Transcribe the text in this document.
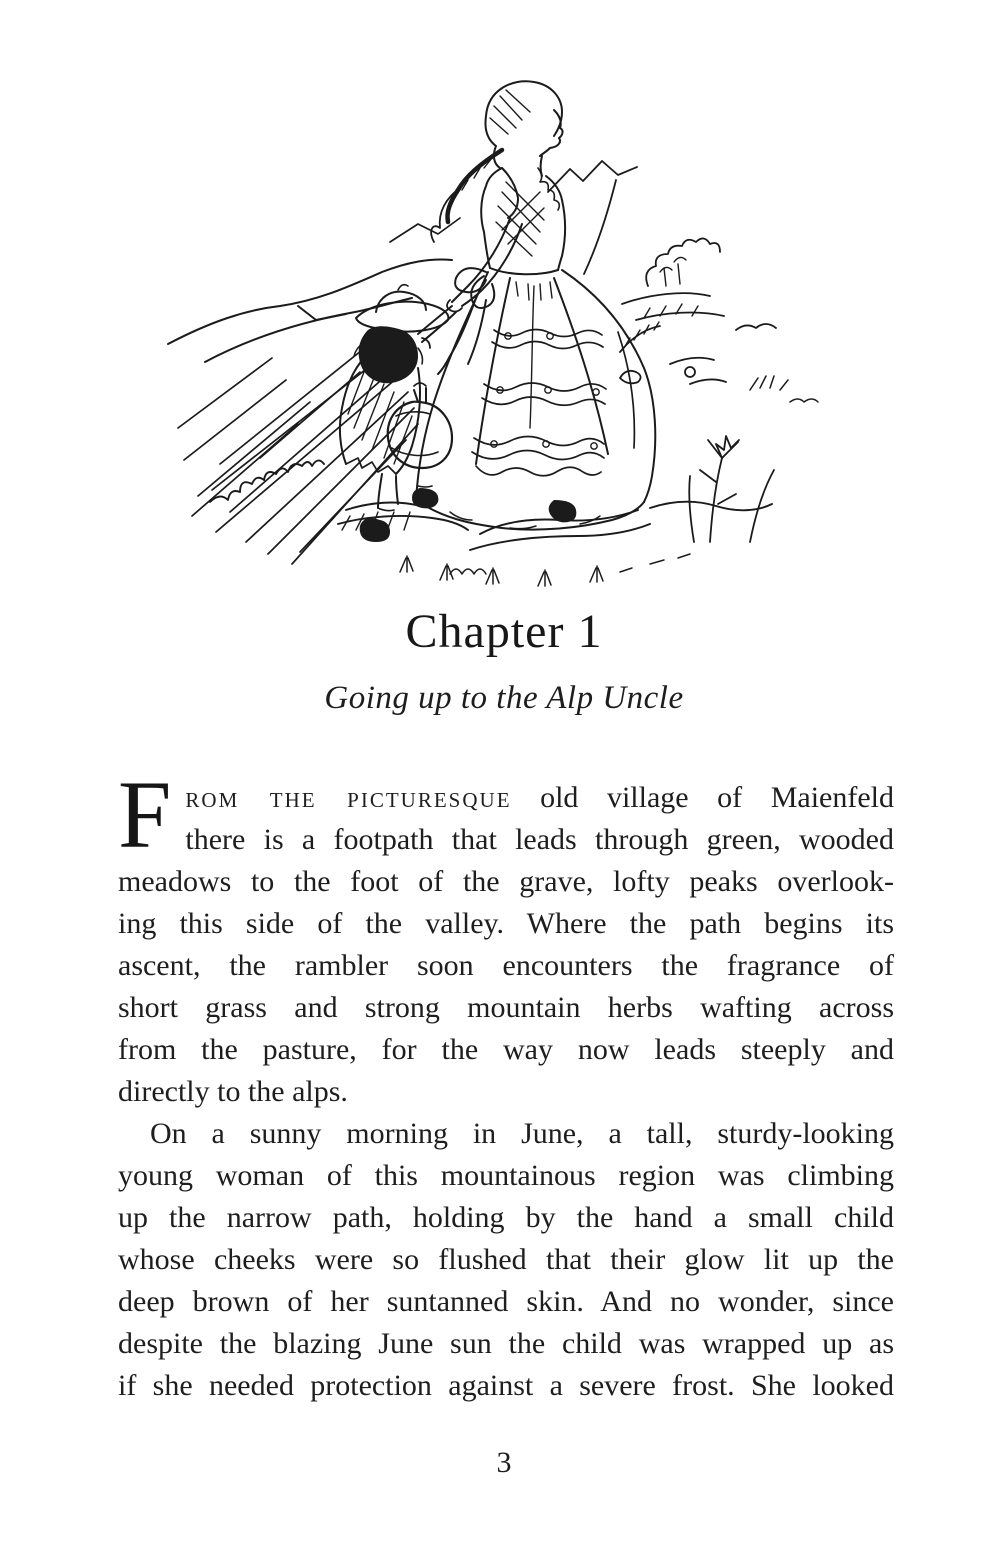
Chapter 1
Going up to the Alp Uncle
F rom the picturesque old village of Maienfeld
there is a footpath that leads through green, wooded
meadows to the foot of the grave, lofty peaks overlook-
ing this side of the valley. Where the path begins its
ascent, the rambler soon encounters the fragrance of
short grass and strong mountain herbs wafting across
from the pasture, for the way now leads steeply and
directly to the alps.
On a sunny morning in June, a tall, sturdy-looking
young woman of this mountainous region was climbing
up the narrow path, holding by the hand a small child
whose cheeks were so flushed that their glow lit up the
deep brown of her suntanned skin. And no wonder, since
despite the blazing June sun the child was wrapped up as
if she needed protection against a severe frost. She looked
3
